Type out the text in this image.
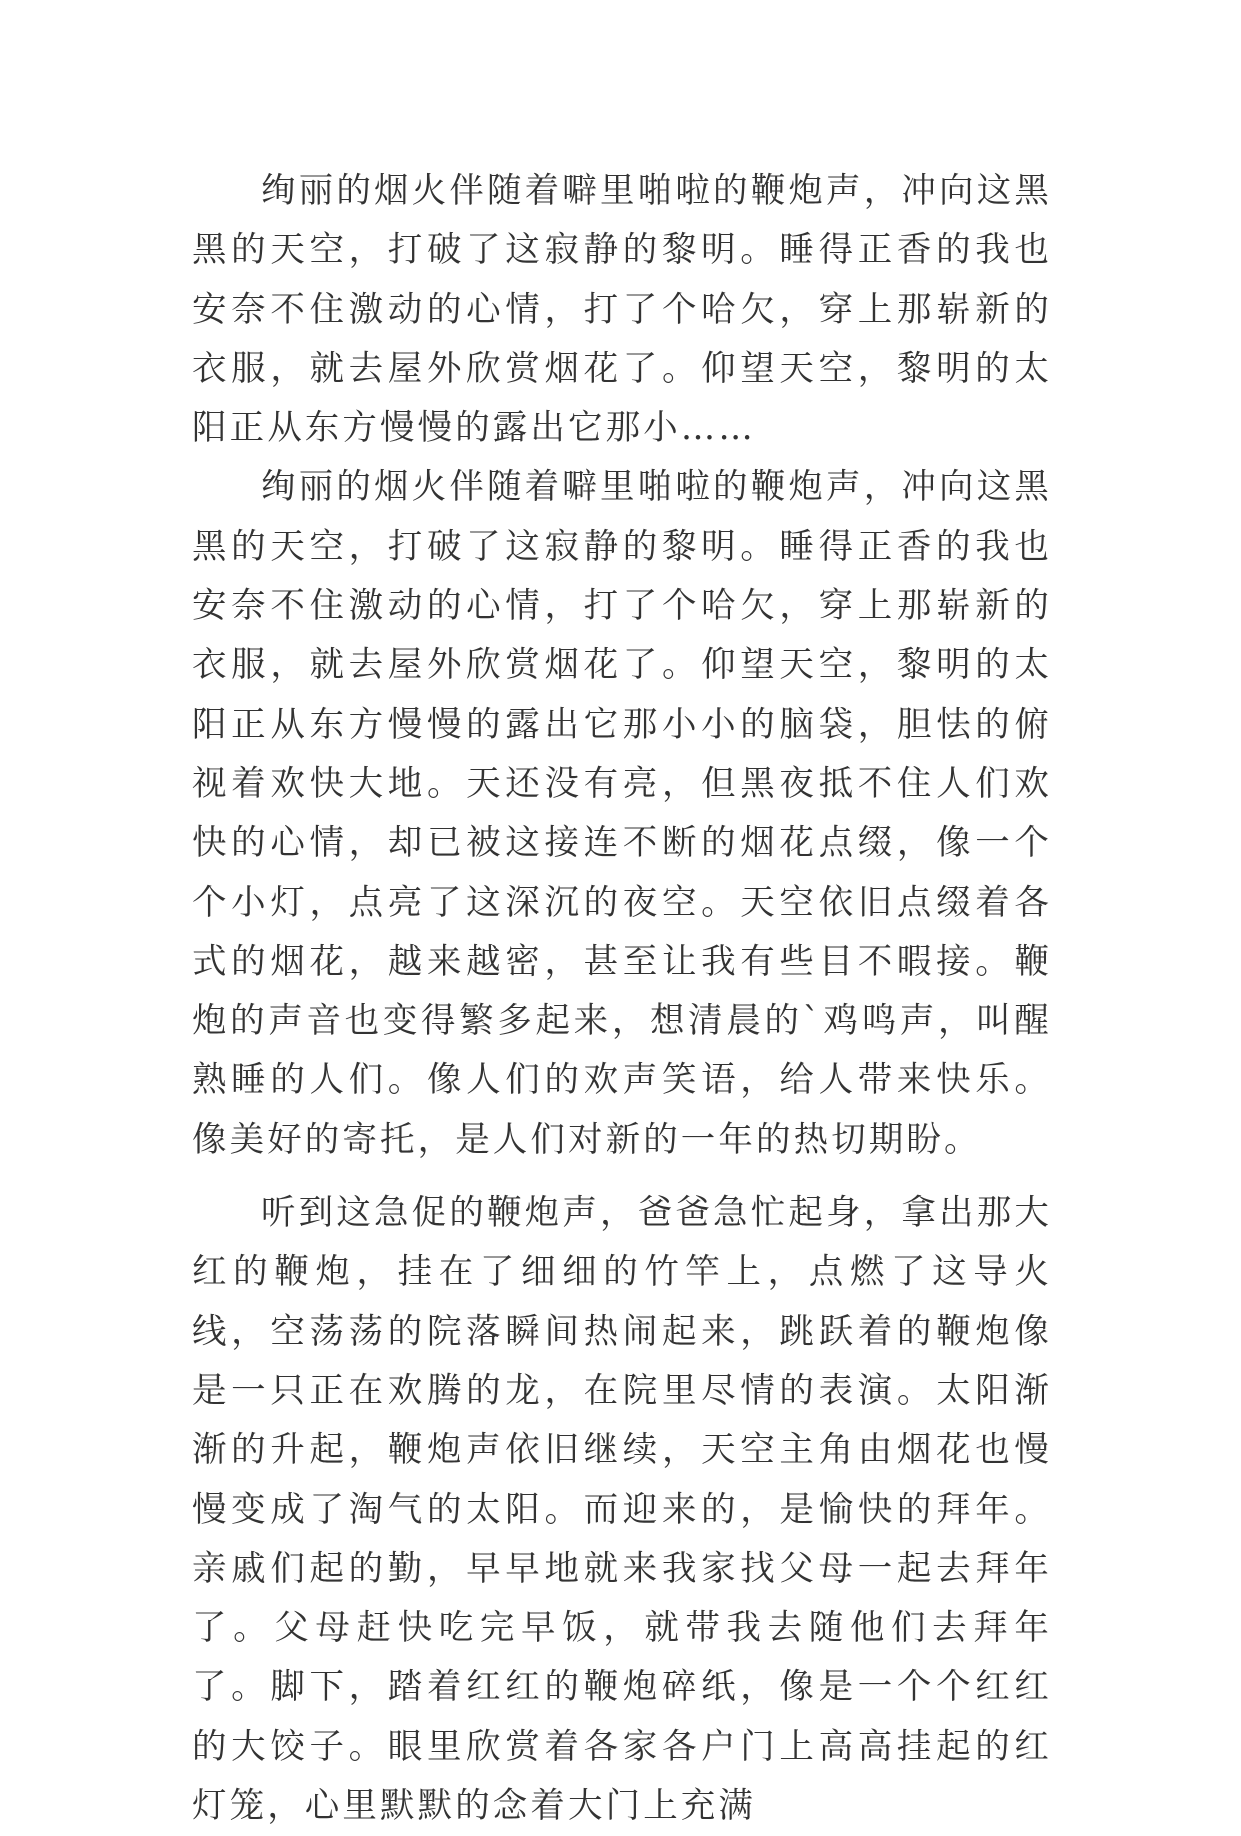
绚丽的烟火伴随着噼里啪啦的鞭炮声，冲向这黑黑的天空，打破了这寂静的黎明。睡得正香的我也安奈不住激动的心情，打了个哈欠，穿上那崭新的衣服，就去屋外欣赏烟花了。仰望天空，黎明的太阳正从东方慢慢的露出它那小……

绚丽的烟火伴随着噼里啪啦的鞭炮声，冲向这黑黑的天空，打破了这寂静的黎明。睡得正香的我也安奈不住激动的心情，打了个哈欠，穿上那崭新的衣服，就去屋外欣赏烟花了。仰望天空，黎明的太阳正从东方慢慢的露出它那小小的脑袋，胆怯的俯视着欢快大地。天还没有亮，但黑夜抵不住人们欢快的心情，却已被这接连不断的烟花点缀，像一个个小灯，点亮了这深沉的夜空。天空依旧点缀着各式的烟花，越来越密，甚至让我有些目不暇接。鞭炮的声音也变得繁多起来，想清晨的`鸡鸣声，叫醒熟睡的人们。像人们的欢声笑语，给人带来快乐。像美好的寄托，是人们对新的一年的热切期盼。

听到这急促的鞭炮声，爸爸急忙起身，拿出那大红的鞭炮，挂在了细细的竹竿上，点燃了这导火线，空荡荡的院落瞬间热闹起来，跳跃着的鞭炮像是一只正在欢腾的龙，在院里尽情的表演。太阳渐渐的升起，鞭炮声依旧继续，天空主角由烟花也慢慢变成了淘气的太阳。而迎来的，是愉快的拜年。亲戚们起的勤，早早地就来我家找父母一起去拜年了。父母赶快吃完早饭，就带我去随他们去拜年了。脚下，踏着红红的鞭炮碎纸，像是一个个红红的大饺子。眼里欣赏着各家各户门上高高挂起的红灯笼，心里默默的念着大门上充满
